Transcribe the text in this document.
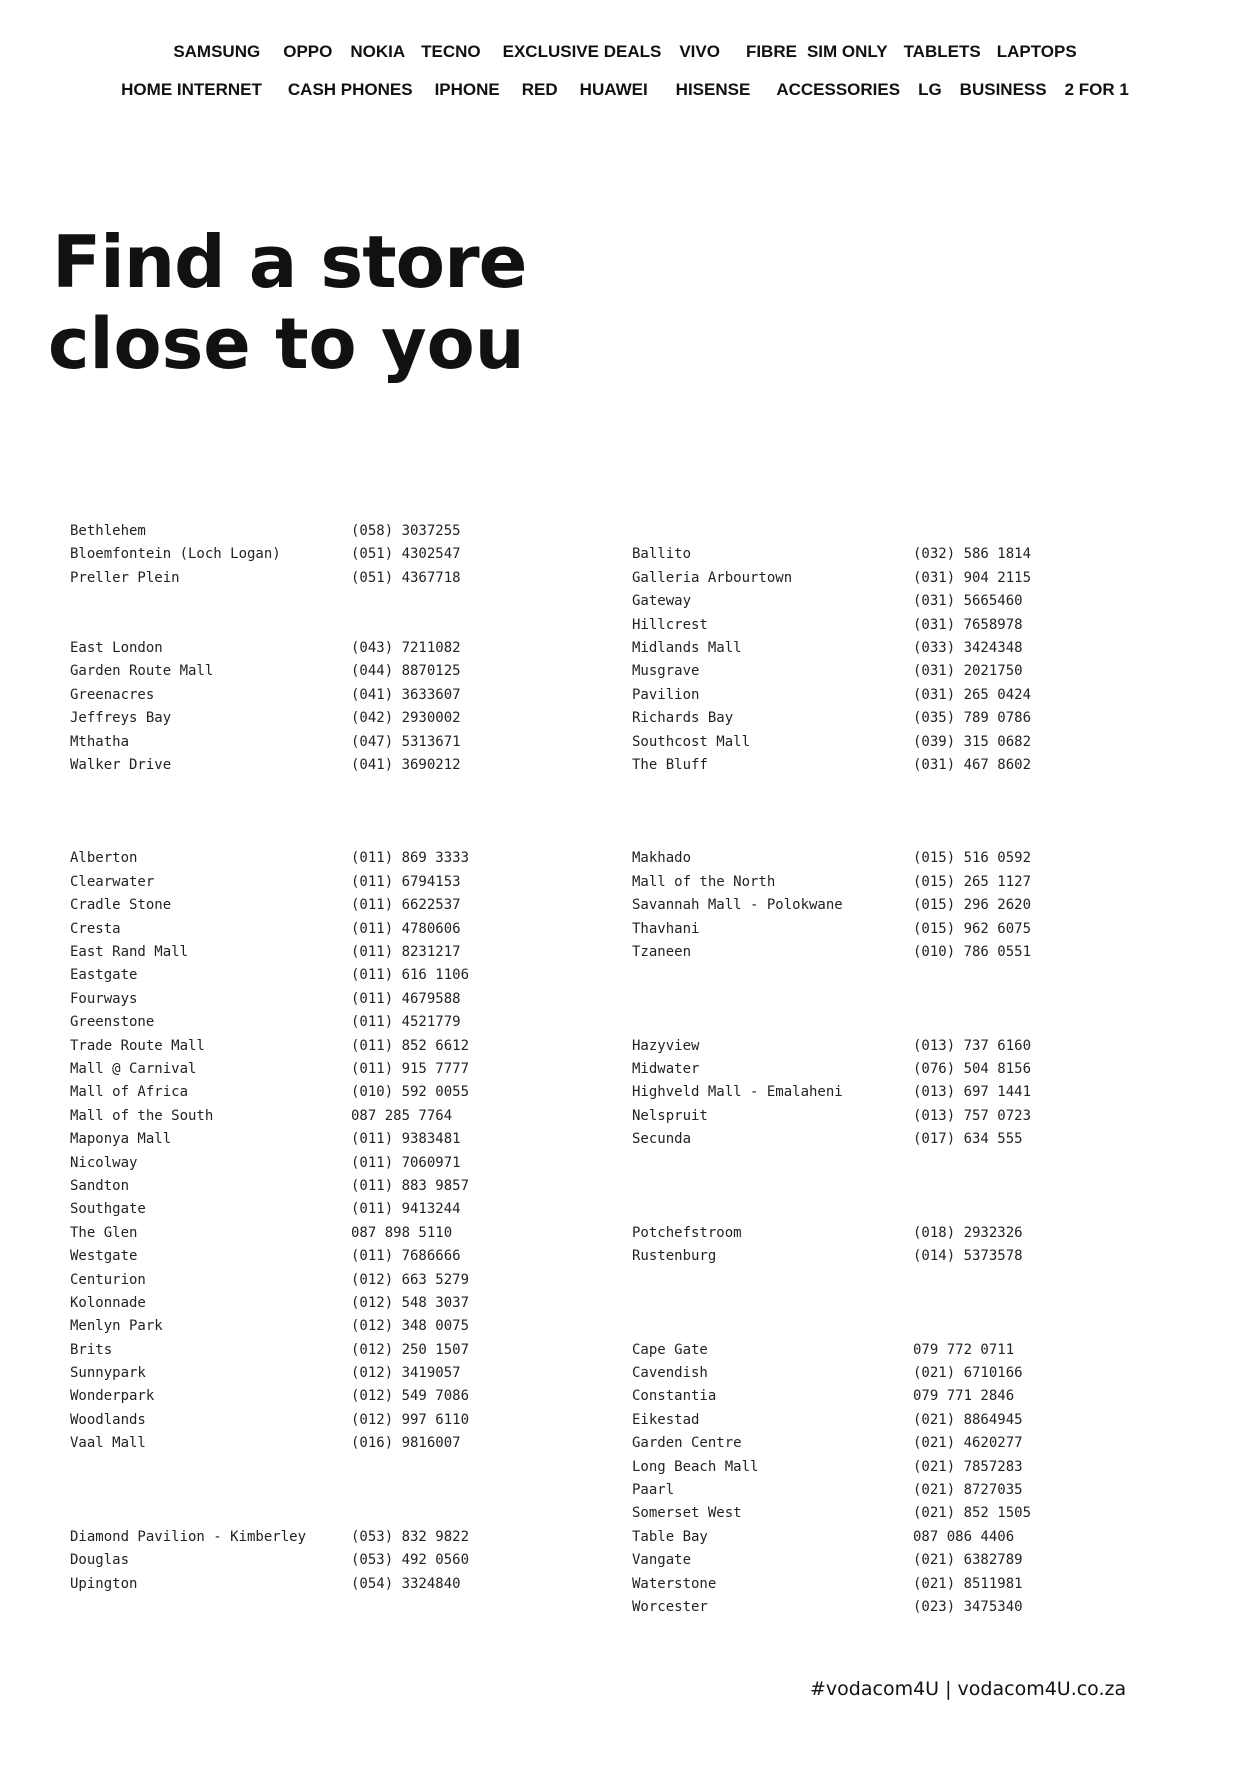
SAMSUNG OPPO NOKIA TECNO EXCLUSIVE DEALS VIVO FIBRE SIM ONLY TABLETS LAPTOPS
HOME INTERNET CASH PHONES IPHONE RED HUAWEI HISENSE ACCESSORIES LG BUSINESS 2 FOR 1
Find a store
close to you
Bethlehem	(058) 3037255
Bloemfontein (Loch Logan)	(051) 4302547
Preller Plein	(051) 4367718
East London	(043) 7211082
Garden Route Mall	(044) 8870125
Greenacres	(041) 3633607
Jeffreys Bay	(042) 2930002
Mthatha	(047) 5313671
Walker Drive	(041) 3690212
Alberton	(011) 869 3333
Clearwater	(011) 6794153
Cradle Stone	(011) 6622537
Cresta	(011) 4780606
East Rand Mall	(011) 8231217
Eastgate	(011) 616 1106
Fourways	(011) 4679588
Greenstone	(011) 4521779
Trade Route Mall	(011) 852 6612
Mall @ Carnival	(011) 915 7777
Mall of Africa	(010) 592 0055
Mall of the South	087 285 7764
Maponya Mall	(011) 9383481
Nicolway	(011) 7060971
Sandton	(011) 883 9857
Southgate	(011) 9413244
The Glen	087 898 5110
Westgate	(011) 7686666
Centurion	(012) 663 5279
Kolonnade	(012) 548 3037
Menlyn Park	(012) 348 0075
Brits	(012) 250 1507
Sunnypark	(012) 3419057
Wonderpark	(012) 549 7086
Woodlands	(012) 997 6110
Vaal Mall	(016) 9816007
Diamond Pavilion - Kimberley	(053) 832 9822
Douglas	(053) 492 0560
Upington	(054) 3324840
Ballito	(032) 586 1814
Galleria Arbourtown	(031) 904 2115
Gateway	(031) 5665460
Hillcrest	(031) 7658978
Midlands Mall	(033) 3424348
Musgrave	(031) 2021750
Pavilion	(031) 265 0424
Richards Bay	(035) 789 0786
Southcost Mall	(039) 315 0682
The Bluff	(031) 467 8602
Makhado	(015) 516 0592
Mall of the North	(015) 265 1127
Savannah Mall - Polokwane	(015) 296 2620
Thavhani	(015) 962 6075
Tzaneen	(010) 786 0551
Hazyview	(013) 737 6160
Midwater	(076) 504 8156
Highveld Mall - Emalaheni	(013) 697 1441
Nelspruit	(013) 757 0723
Secunda	(017) 634 555
Potchefstroom	(018) 2932326
Rustenburg	(014) 5373578
Cape Gate	079 772 0711
Cavendish	(021) 6710166
Constantia	079 771 2846
Eikestad	(021) 8864945
Garden Centre	(021) 4620277
Long Beach Mall	(021) 7857283
Paarl	(021) 8727035
Somerset West	(021) 852 1505
Table Bay	087 086 4406
Vangate	(021) 6382789
Waterstone	(021) 8511981
Worcester	(023) 3475340
#vodacom4U | vodacom4U.co.za
